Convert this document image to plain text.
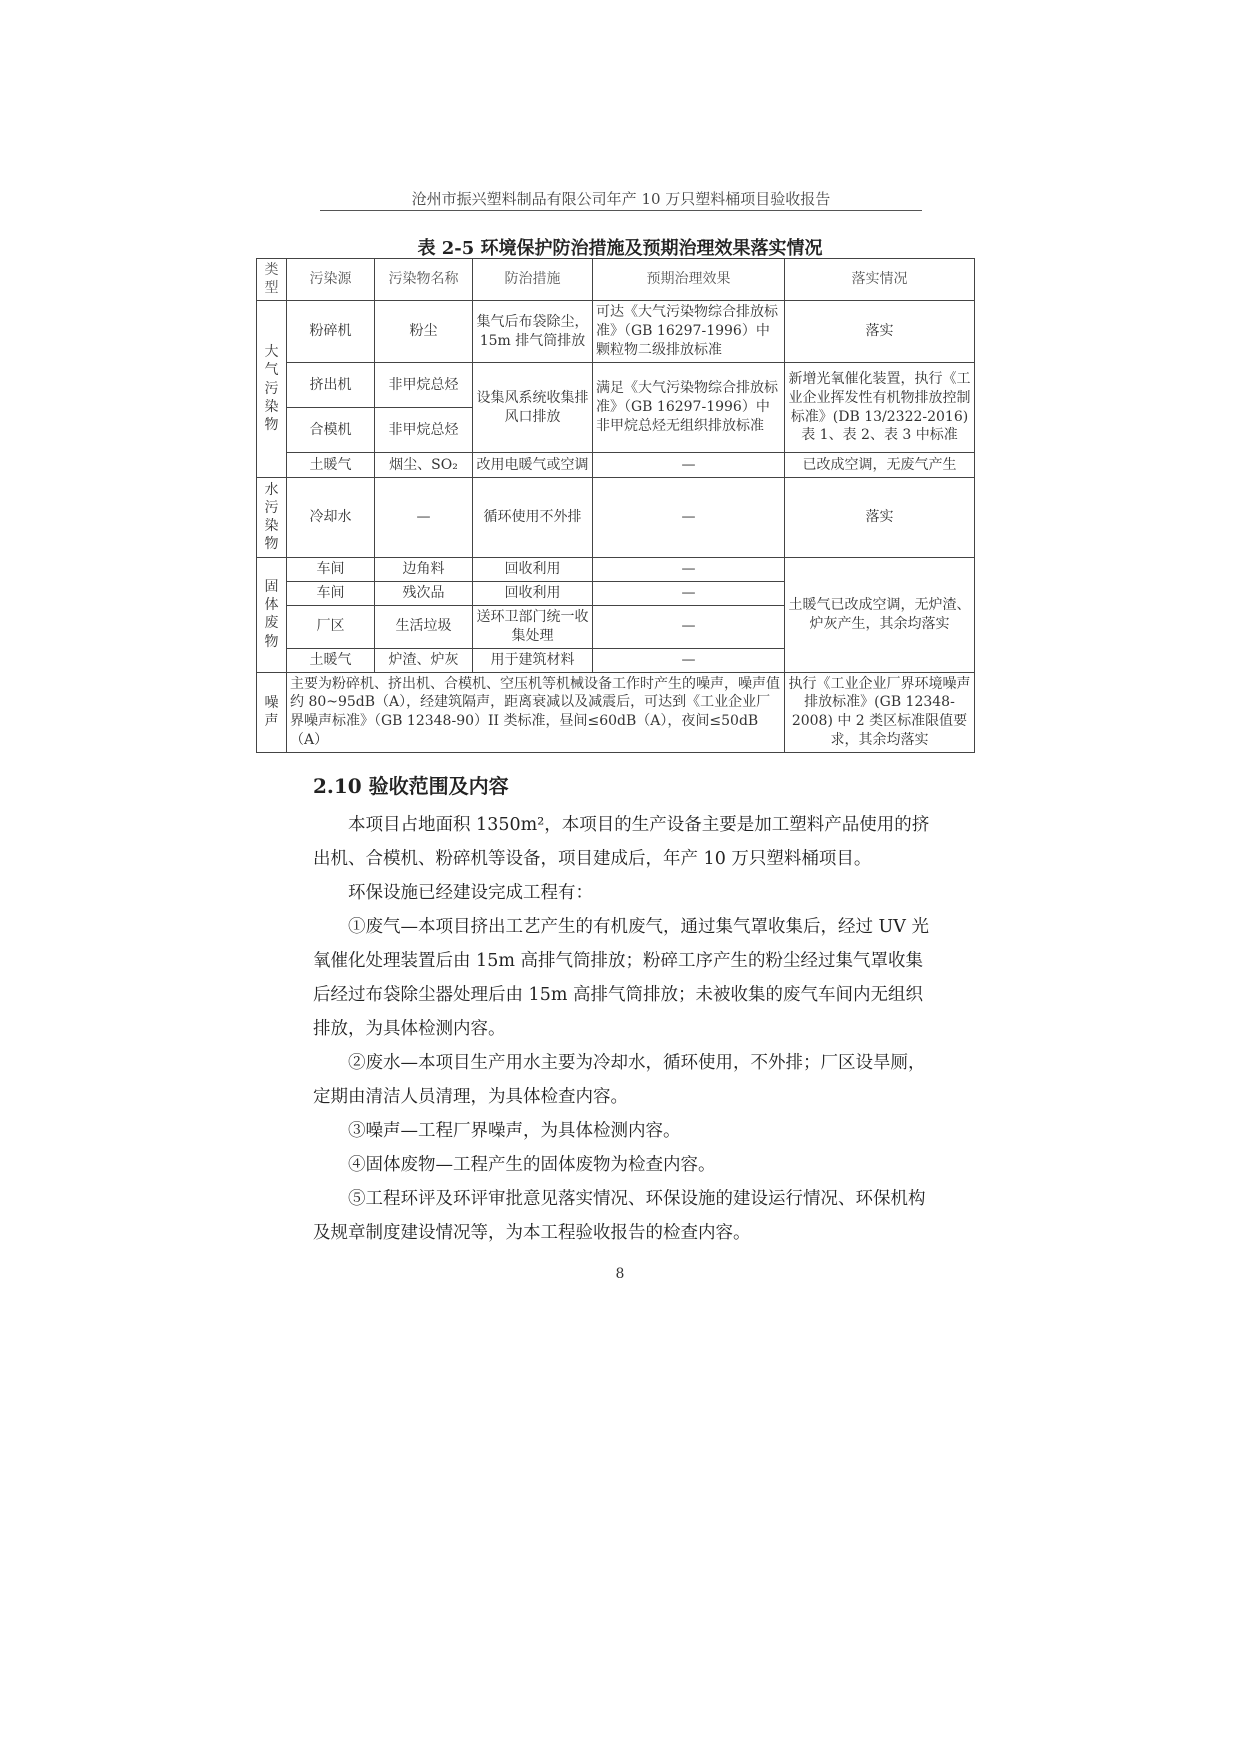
沧州市振兴塑料制品有限公司年产 10 万只塑料桶项目验收报告
表 2-5 环境保护防治措施及预期治理效果落实情况
类型	污染源	污染物名称	防治措施	预期治理效果	落实情况
大气污染物	粉碎机	粉尘	集气后布袋除尘，15m 排气筒排放	可达《大气污染物综合排放标准》（GB 16297-1996）中颗粒物二级排放标准	落实
	挤出机	非甲烷总烃	设集风系统收集排风口排放	满足《大气污染物综合排放标准》（GB 16297-1996）中非甲烷总烃无组织排放标准	新增光氧催化装置，执行《工业企业挥发性有机物排放控制标准》(DB 13/2322-2016)表 1、表 2、表 3 中标准
	合模机	非甲烷总烃			
	土暖气	烟尘、SO₂	改用电暖气或空调	—	已改成空调，无废气产生
水污染物	冷却水	—	循环使用不外排	—	落实
固体废物	车间	边角料	回收利用	—	土暖气已改成空调，无炉渣、炉灰产生，其余均落实
	车间	残次品	回收利用	—	
	厂区	生活垃圾	送环卫部门统一收集处理	—	
	土暖气	炉渣、炉灰	用于建筑材料	—	
噪声	主要为粉碎机、挤出机、合模机、空压机等机械设备工作时产生的噪声，噪声值约 80~95dB（A），经建筑隔声，距离衰减以及减震后，可达到《工业企业厂界噪声标准》（GB 12348-90）II 类标准，昼间≤60dB（A），夜间≤50dB（A）				执行《工业企业厂界环境噪声排放标准》(GB 12348-2008) 中 2 类区标准限值要求，其余均落实
2.10 验收范围及内容

本项目占地面积 1350m²，本项目的生产设备主要是加工塑料产品使用的挤出机、合模机、粉碎机等设备，项目建成后，年产 10 万只塑料桶项目。

环保设施已经建设完成工程有：

①废气—本项目挤出工艺产生的有机废气，通过集气罩收集后，经过 UV 光氧催化处理装置后由 15m 高排气筒排放；粉碎工序产生的粉尘经过集气罩收集后经过布袋除尘器处理后由 15m 高排气筒排放；未被收集的废气车间内无组织排放，为具体检测内容。

②废水—本项目生产用水主要为冷却水，循环使用，不外排；厂区设旱厕，定期由清洁人员清理，为具体检查内容。

③噪声—工程厂界噪声，为具体检测内容。

④固体废物—工程产生的固体废物为检查内容。

⑤工程环评及环评审批意见落实情况、环保设施的建设运行情况、环保机构及规章制度建设情况等，为本工程验收报告的检查内容。

8
